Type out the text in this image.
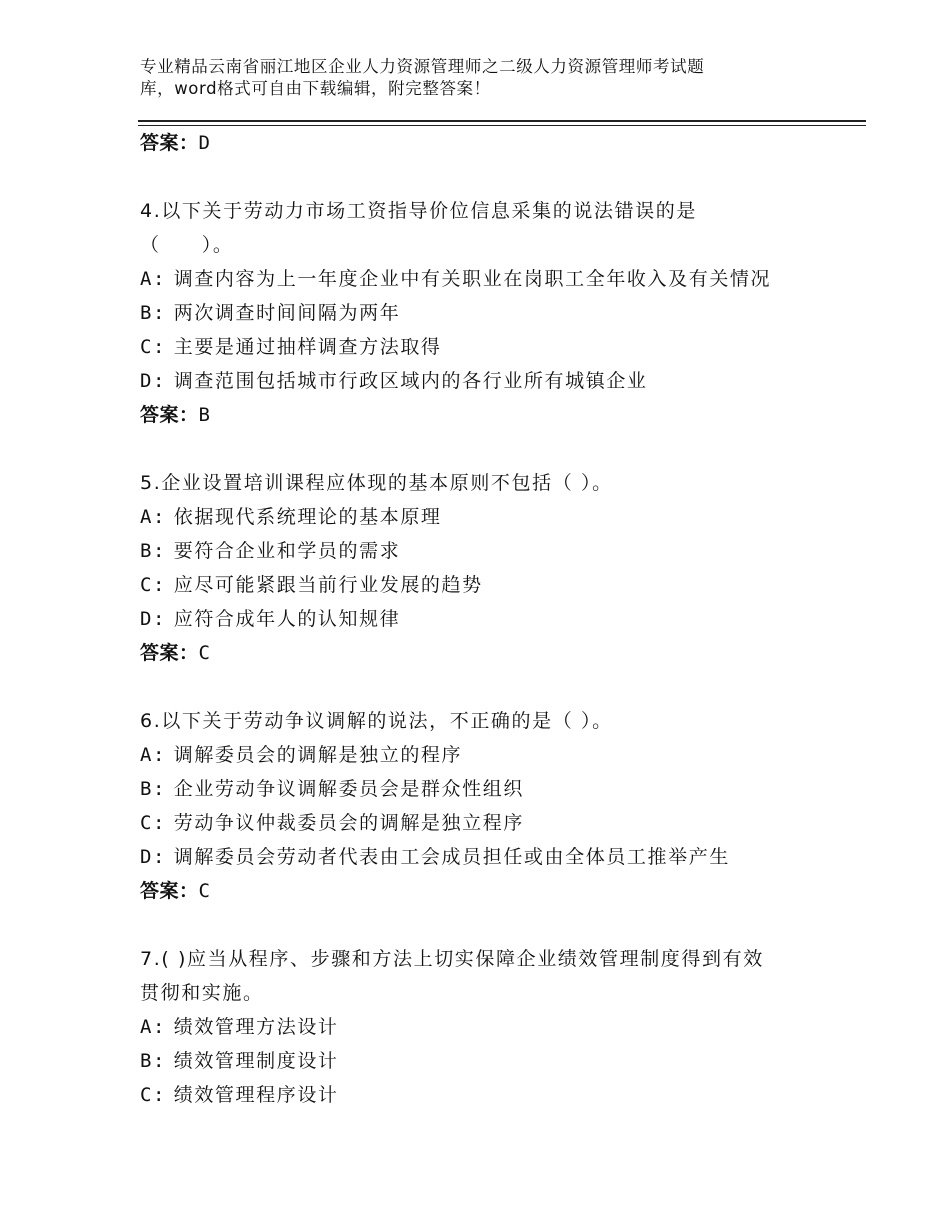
专业精品云南省丽江地区企业人力资源管理师之二级人力资源管理师考试题
库，word格式可自由下载编辑，附完整答案！
答案：D
4.以下关于劳动力市场工资指导价位信息采集的说法错误的是
（　　）。
A: 调查内容为上一年度企业中有关职业在岗职工全年收入及有关情况
B: 两次调查时间间隔为两年
C: 主要是通过抽样调查方法取得
D: 调查范围包括城市行政区域内的各行业所有城镇企业
答案：B
5.企业设置培训课程应体现的基本原则不包括（ ）。
A: 依据现代系统理论的基本原理
B: 要符合企业和学员的需求
C: 应尽可能紧跟当前行业发展的趋势
D: 应符合成年人的认知规律
答案：C
6.以下关于劳动争议调解的说法，不正确的是（ ）。
A: 调解委员会的调解是独立的程序
B: 企业劳动争议调解委员会是群众性组织
C: 劳动争议仲裁委员会的调解是独立程序
D: 调解委员会劳动者代表由工会成员担任或由全体员工推举产生
答案：C
7.( )应当从程序、步骤和方法上切实保障企业绩效管理制度得到有效
贯彻和实施。
A: 绩效管理方法设计
B: 绩效管理制度设计
C: 绩效管理程序设计
